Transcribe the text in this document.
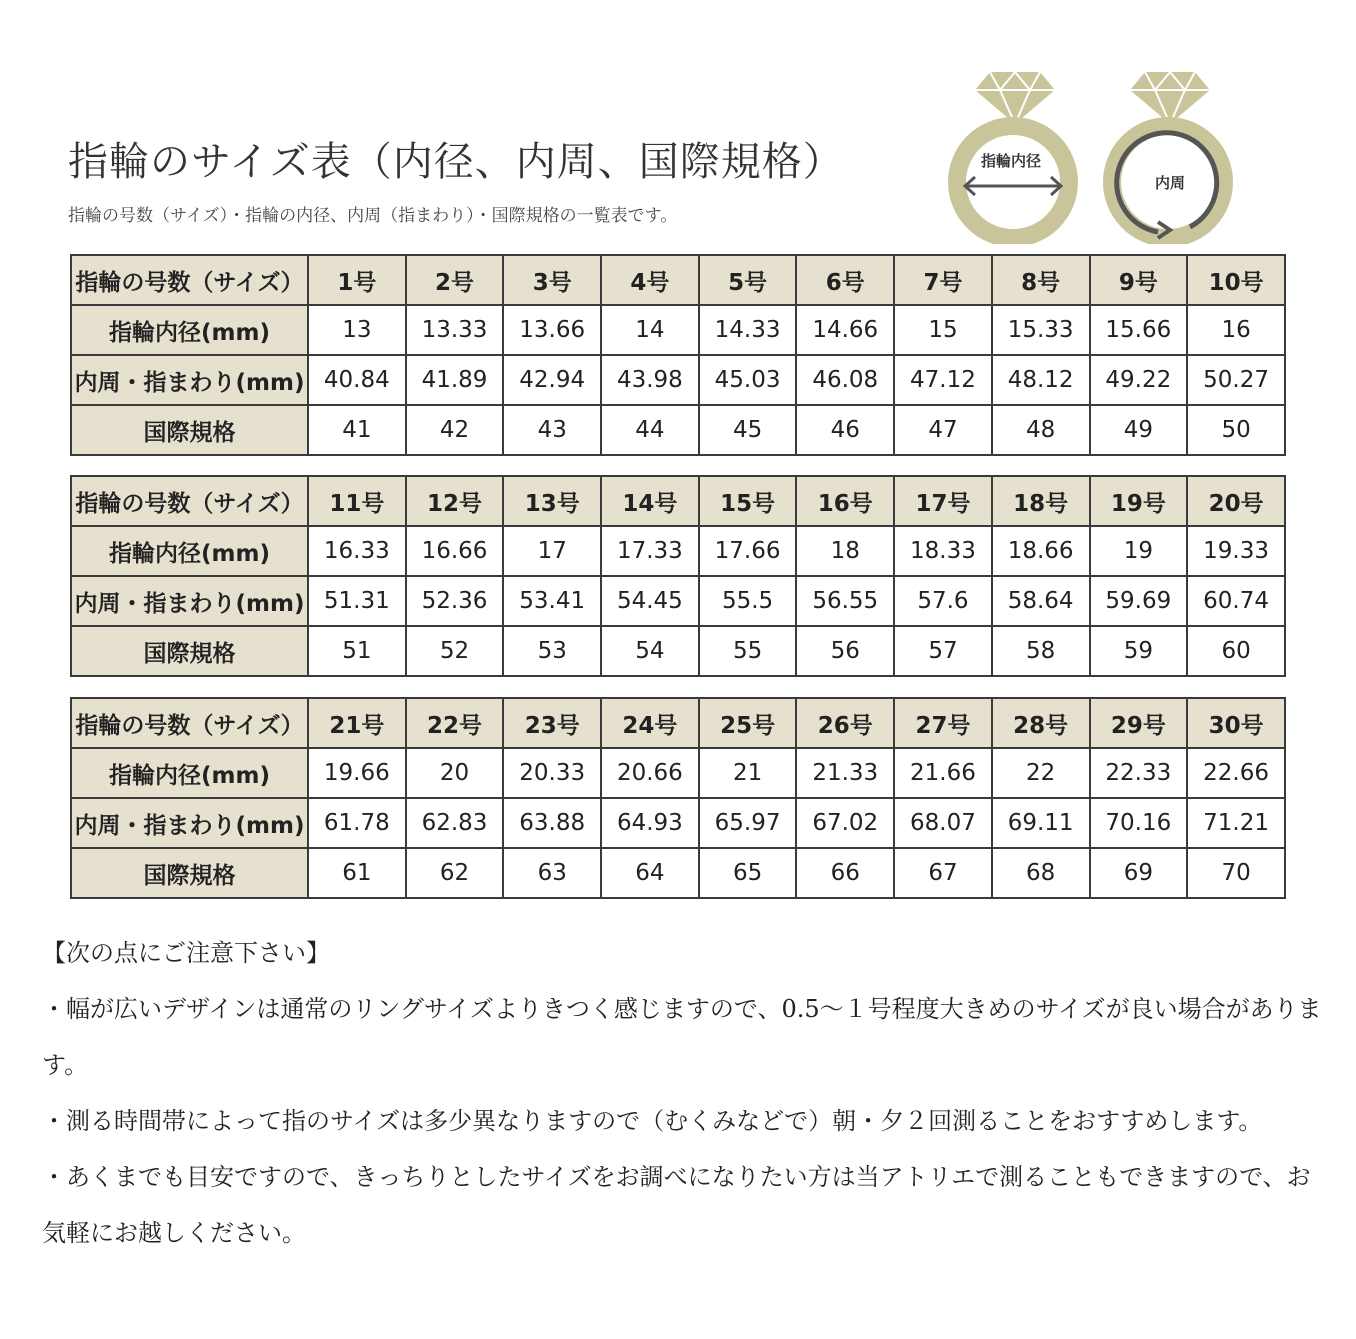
指輪のサイズ表（内径、内周、国際規格）
指輪の号数（サイズ）・指輪の内径、内周（指まわり）・国際規格の一覧表です。
指輪内径
内周
指輪の号数（サイズ）	1号	2号	3号	4号	5号	6号	7号	8号	9号	10号
指輪内径(mm)	13	13.33	13.66	14	14.33	14.66	15	15.33	15.66	16
内周・指まわり(mm)	40.84	41.89	42.94	43.98	45.03	46.08	47.12	48.12	49.22	50.27
国際規格	41	42	43	44	45	46	47	48	49	50
指輪の号数（サイズ）	11号	12号	13号	14号	15号	16号	17号	18号	19号	20号
指輪内径(mm)	16.33	16.66	17	17.33	17.66	18	18.33	18.66	19	19.33
内周・指まわり(mm)	51.31	52.36	53.41	54.45	55.5	56.55	57.6	58.64	59.69	60.74
国際規格	51	52	53	54	55	56	57	58	59	60
指輪の号数（サイズ）	21号	22号	23号	24号	25号	26号	27号	28号	29号	30号
指輪内径(mm)	19.66	20	20.33	20.66	21	21.33	21.66	22	22.33	22.66
内周・指まわり(mm)	61.78	62.83	63.88	64.93	65.97	67.02	68.07	69.11	70.16	71.21
国際規格	61	62	63	64	65	66	67	68	69	70

【次の点にご注意下さい】

・幅が広いデザインは通常のリングサイズよりきつく感じますので、0.5～１号程度大きめのサイズが良い場合があります。

・測る時間帯によって指のサイズは多少異なりますので（むくみなどで）朝・夕２回測ることをおすすめします。

・あくまでも目安ですので、きっちりとしたサイズをお調べになりたい方は当アトリエで測ることもできますので、お気軽にお越しください。
